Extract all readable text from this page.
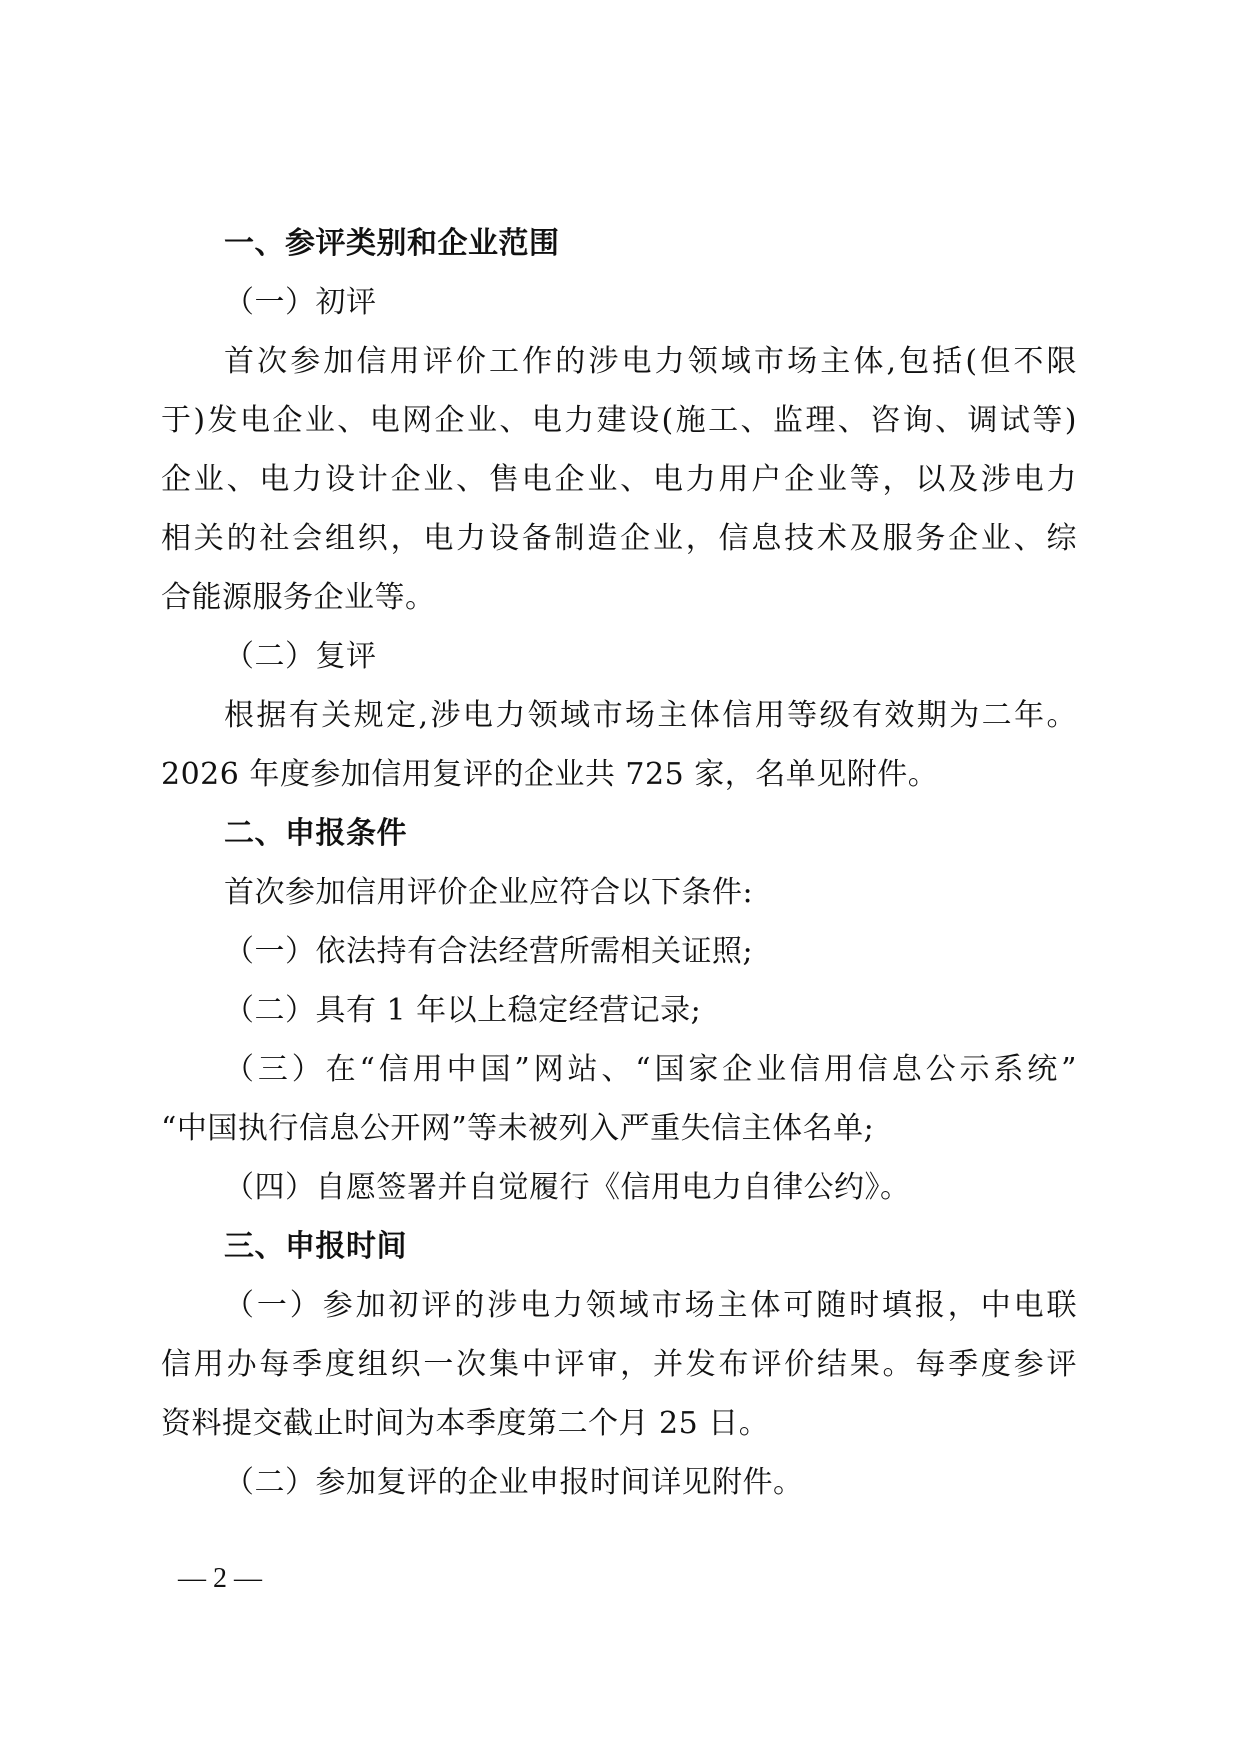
一、参评类别和企业范围
（一）初评
首次参加信用评价工作的涉电力领域市场主体,包括(但不限
于)发电企业、电网企业、电力建设(施工、监理、咨询、调试等)
企业、电力设计企业、售电企业、电力用户企业等，以及涉电力
相关的社会组织，电力设备制造企业，信息技术及服务企业、综
合能源服务企业等。
（二）复评
根据有关规定,涉电力领域市场主体信用等级有效期为二年。
2026 年度参加信用复评的企业共 725 家，名单见附件。
二、申报条件
首次参加信用评价企业应符合以下条件:
（一）依法持有合法经营所需相关证照;
（二）具有 1 年以上稳定经营记录;
（三）在“信用中国”网站、“国家企业信用信息公示系统”
“中国执行信息公开网”等未被列入严重失信主体名单;
（四）自愿签署并自觉履行《信用电力自律公约》。
三、申报时间
（一）参加初评的涉电力领域市场主体可随时填报，中电联
信用办每季度组织一次集中评审，并发布评价结果。每季度参评
资料提交截止时间为本季度第二个月 25 日。
（二）参加复评的企业申报时间详见附件。
— 2 —
